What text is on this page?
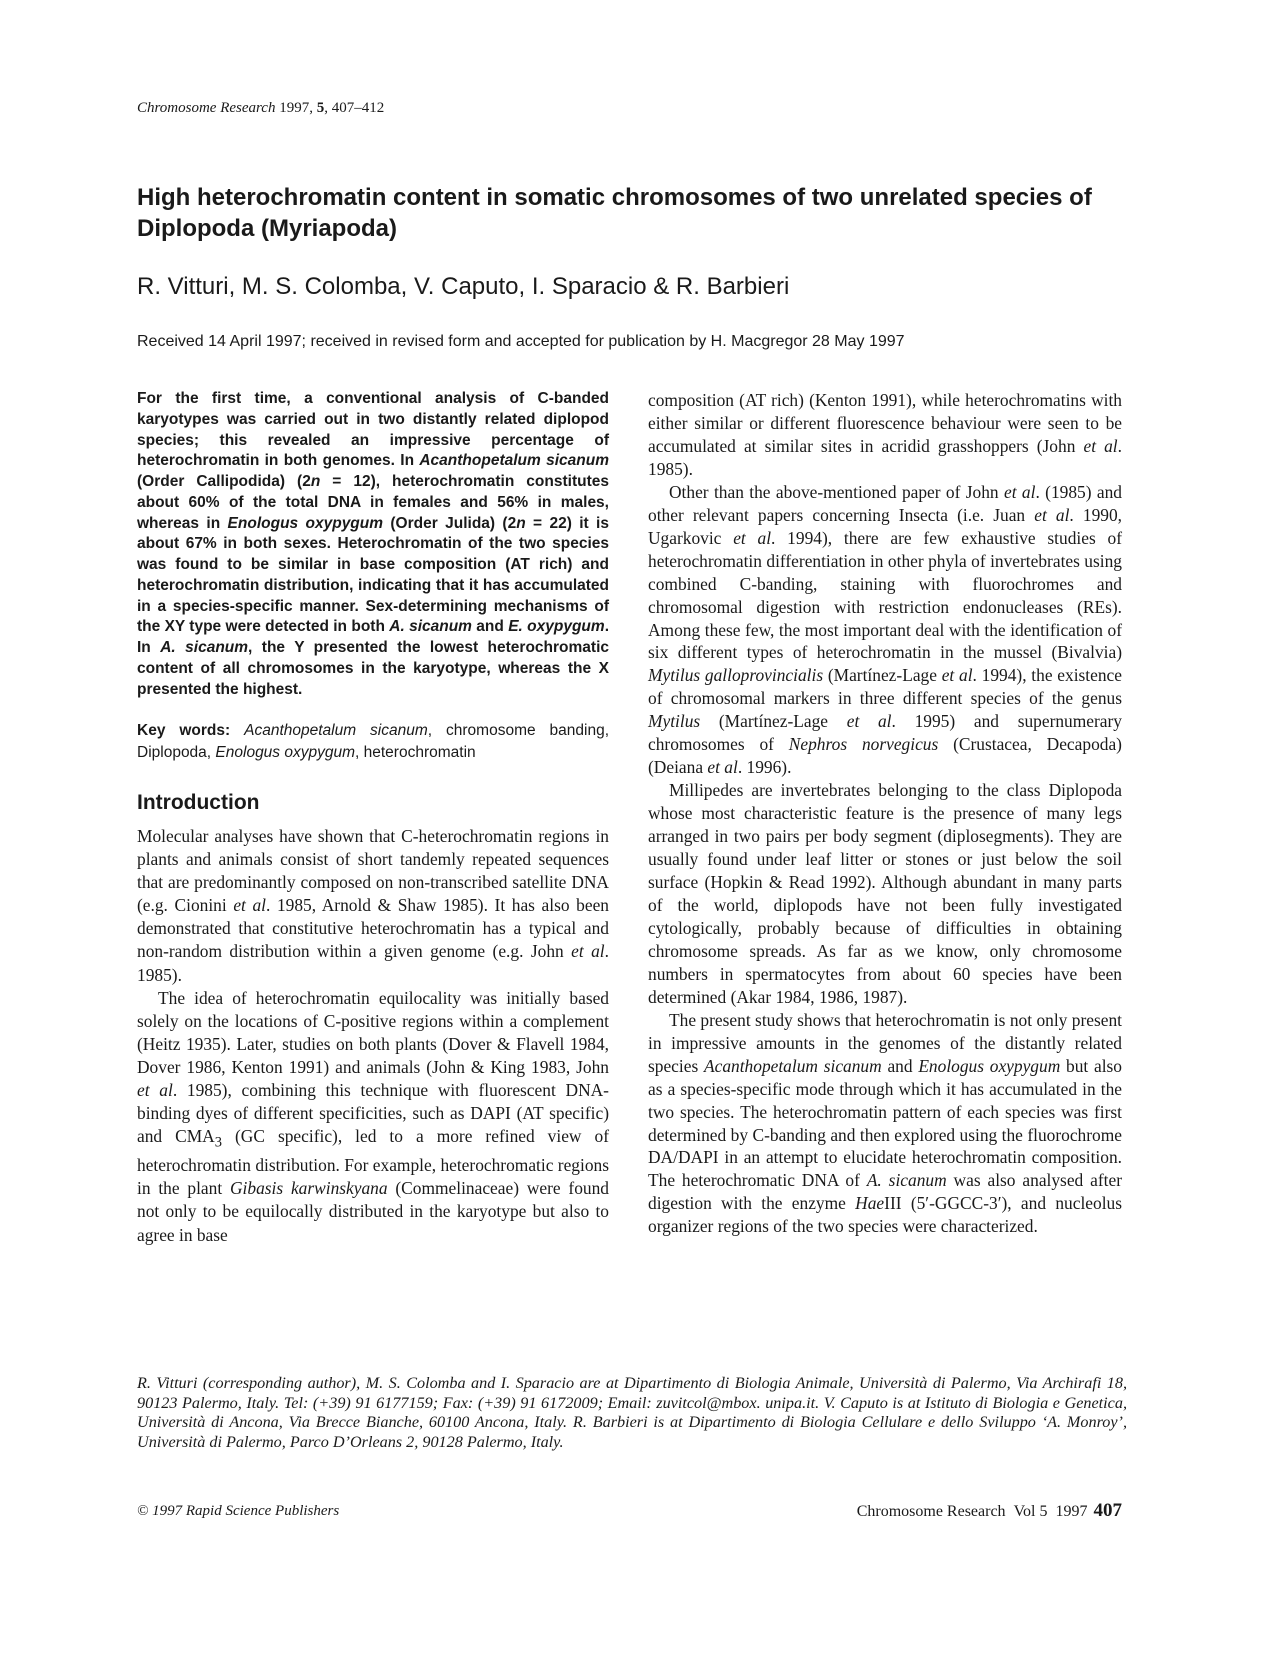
Chromosome Research 1997, 5, 407–412
High heterochromatin content in somatic chromosomes of two unrelated species of Diplopoda (Myriapoda)
R. Vitturi, M. S. Colomba, V. Caputo, I. Sparacio & R. Barbieri
Received 14 April 1997; received in revised form and accepted for publication by H. Macgregor 28 May 1997

For the first time, a conventional analysis of C-banded karyotypes was carried out in two distantly related diplopod species; this revealed an impressive percentage of heterochromatin in both genomes. In Acanthopetalum sicanum (Order Callipodida) (2n = 12), heterochromatin constitutes about 60% of the total DNA in females and 56% in males, whereas in Enologus oxypygum (Order Julida) (2n = 22) it is about 67% in both sexes. Heterochromatin of the two species was found to be similar in base composition (AT rich) and heterochromatin distribution, indicating that it has accumulated in a species-specific manner. Sex-determining mechanisms of the XY type were detected in both A. sicanum and E. oxypygum. In A. sicanum, the Y presented the lowest heterochromatic content of all chromosomes in the karyotype, whereas the X presented the highest.

Key words: Acanthopetalum sicanum, chromosome banding, Diplopoda, Enologus oxypygum, heterochromatin

Introduction

Molecular analyses have shown that C-heterochromatin regions in plants and animals consist of short tandemly repeated sequences that are predominantly composed on non-transcribed satellite DNA (e.g. Cionini et al. 1985, Arnold & Shaw 1985). It has also been demonstrated that constitutive heterochromatin has a typical and non-random distribution within a given genome (e.g. John et al. 1985).

The idea of heterochromatin equilocality was initially based solely on the locations of C-positive regions within a complement (Heitz 1935). Later, studies on both plants (Dover & Flavell 1984, Dover 1986, Kenton 1991) and animals (John & King 1983, John et al. 1985), combining this technique with fluorescent DNA-binding dyes of different specificities, such as DAPI (AT specific) and $CMA_3$ (GC specific), led to a more refined view of heterochromatin distribution. For example, heterochromatic regions in the plant Gibasis karwinskyana (Commelinaceae) were found not only to be equilocally distributed in the karyotype but also to agree in base

composition (AT rich) (Kenton 1991), while heterochromatins with either similar or different fluorescence behaviour were seen to be accumulated at similar sites in acridid grasshoppers (John et al. 1985).

Other than the above-mentioned paper of John et al. (1985) and other relevant papers concerning Insecta (i.e. Juan et al. 1990, Ugarkovic et al. 1994), there are few exhaustive studies of heterochromatin differentiation in other phyla of invertebrates using combined C-banding, staining with fluorochromes and chromosomal digestion with restriction endonucleases (REs). Among these few, the most important deal with the identification of six different types of heterochromatin in the mussel (Bivalvia) Mytilus galloprovincialis (Martínez-Lage et al. 1994), the existence of chromosomal markers in three different species of the genus Mytilus (Martínez-Lage et al. 1995) and supernumerary chromosomes of Nephros norvegicus (Crustacea, Decapoda) (Deiana et al. 1996).

Millipedes are invertebrates belonging to the class Diplopoda whose most characteristic feature is the presence of many legs arranged in two pairs per body segment (diplosegments). They are usually found under leaf litter or stones or just below the soil surface (Hopkin & Read 1992). Although abundant in many parts of the world, diplopods have not been fully investigated cytologically, probably because of difficulties in obtaining chromosome spreads. As far as we know, only chromosome numbers in spermatocytes from about 60 species have been determined (Akar 1984, 1986, 1987).

The present study shows that heterochromatin is not only present in impressive amounts in the genomes of the distantly related species Acanthopetalum sicanum and Enologus oxypygum but also as a species-specific mode through which it has accumulated in the two species. The heterochromatin pattern of each species was first determined by C-banding and then explored using the fluorochrome DA/DAPI in an attempt to elucidate heterochromatin composition. The heterochromatic DNA of A. sicanum was also analysed after digestion with the enzyme HaeIII (5′-GGCC-3′), and nucleolus organizer regions of the two species were characterized.

R. Vitturi (corresponding author), M. S. Colomba and I. Sparacio are at Dipartimento di Biologia Animale, Università di Palermo, Via Archirafi 18, 90123 Palermo, Italy. Tel: (+39) 91 6177159; Fax: (+39) 91 6172009; Email: zuvitcol@mbox. unipa.it. V. Caputo is at Istituto di Biologia e Genetica, Università di Ancona, Via Brecce Bianche, 60100 Ancona, Italy. R. Barbieri is at Dipartimento di Biologia Cellulare e dello Sviluppo ‘A. Monroy’, Università di Palermo, Parco D’Orleans 2, 90128 Palermo, Italy.

© 1997 Rapid Science Publishers	Chromosome Research Vol 5 1997 407
